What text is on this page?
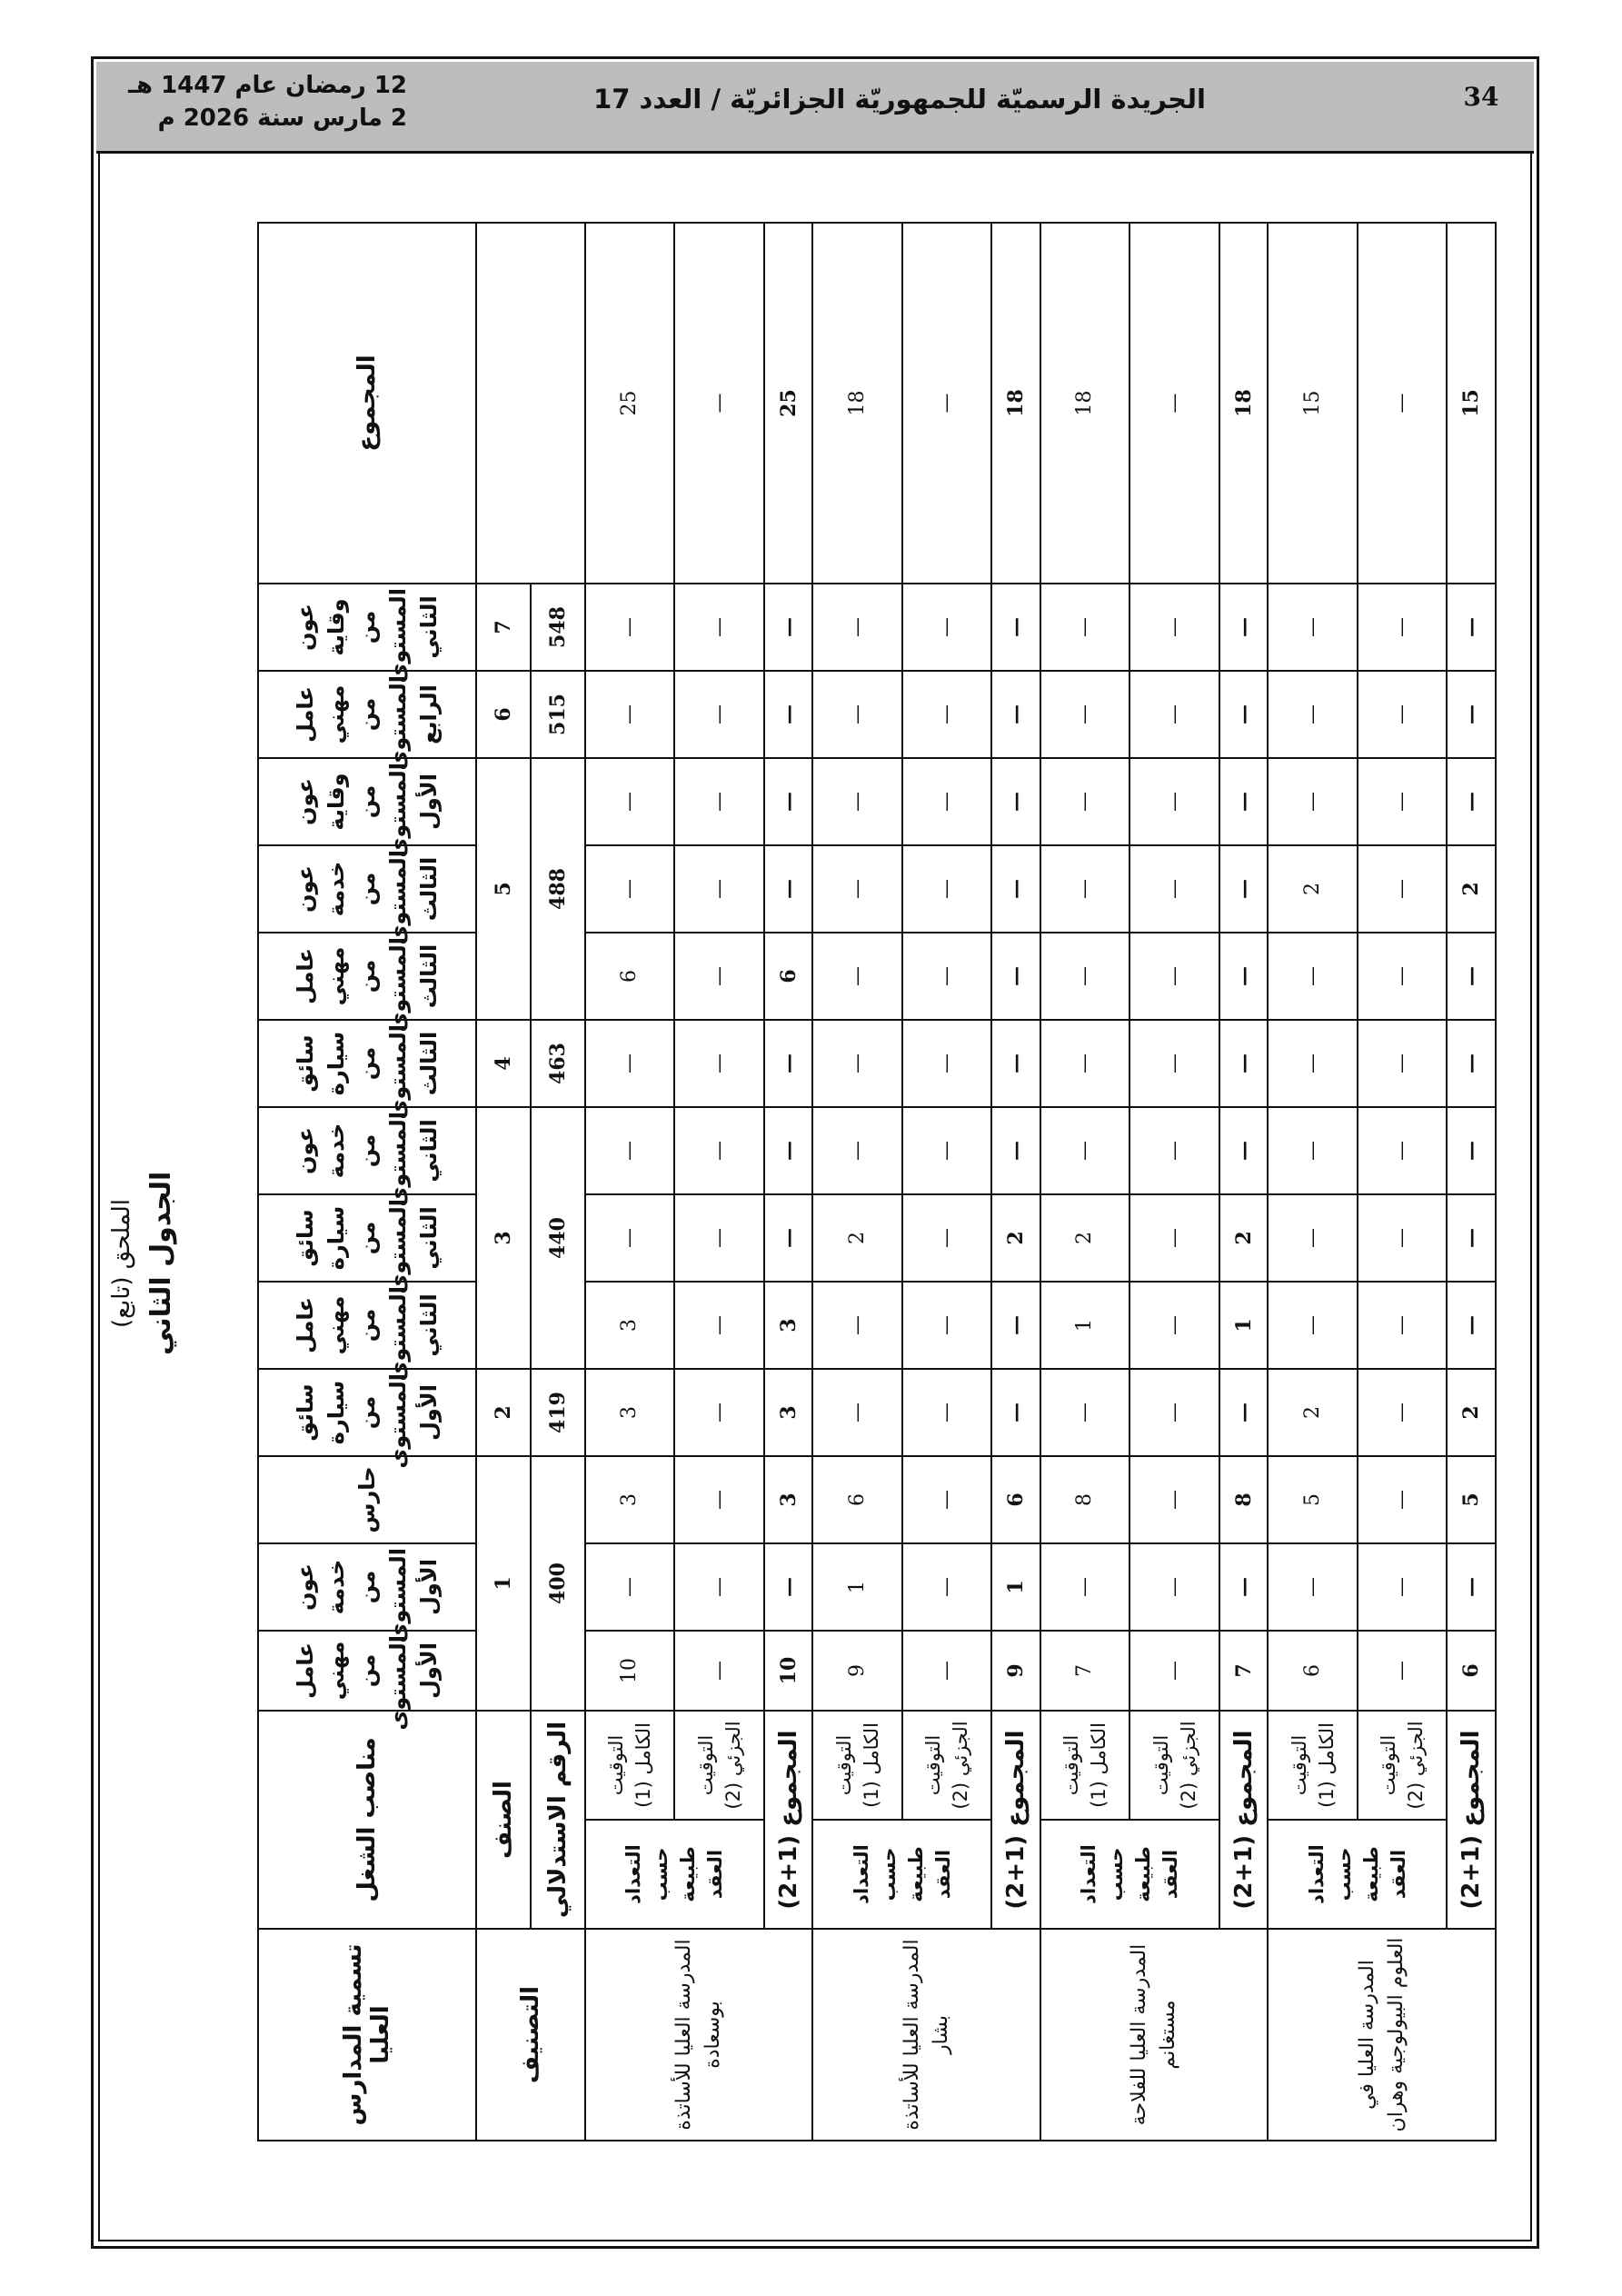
34
الجريدة الرسميّة للجمهوريّة الجزائريّة / العدد 17
12 رمضان عام 1447 هـ
2 مارس سنة 2026 م
الملحق (تابع) الجدول الثاني
تسمية المدارس العليا	مناصب الشغل		عامل مهني من المستوى الأول	عون خدمة من المستوى الأول	حارس	سائق سيارة من المستوى الأول	عامل مهني من المستوى الثاني	سائق سيارة من المستوى الثاني	عون خدمة من المستوى الثاني	سائق سيارة من المستوى الثالث	عامل مهني من المستوى الثالث	عون خدمة من المستوى الثالث	عون وقاية من المستوى الأول	عامل مهني من المستوى الرابع	عون وقاية من المستوى الثاني	المجموع
التصنيف	الصنف		1			2	3			4	5			6	7	
	الرقم الاستدلالي		400			419	440			463	488			515	548	
المدرسة العليا للأساتذة بوسعادة	التعداد حسب طبيعة العقد	التوقيت الكامل (1)	10	—	3	3	3	—	—	—	6	—	—	—	—	25
		التوقيت الجزئي (2)	—	—	—	—	—	—	—	—	—	—	—	—	—	—
	المجموع (1+2)		10	—	3	3	3	—	—	—	6	—	—	—	—	25
المدرسة العليا للأساتذة بشار	التعداد حسب طبيعة العقد	التوقيت الكامل (1)	9	1	6	—	—	2	—	—	—	—	—	—	—	18
		التوقيت الجزئي (2)	—	—	—	—	—	—	—	—	—	—	—	—	—	—
	المجموع (1+2)		9	1	6	—	—	2	—	—	—	—	—	—	—	18
المدرسة العليا للفلاحة مستغانم	التعداد حسب طبيعة العقد	التوقيت الكامل (1)	7	—	8	—	1	2	—	—	—	—	—	—	—	18
		التوقيت الجزئي (2)	—	—	—	—	—	—	—	—	—	—	—	—	—	—
	المجموع (1+2)		7	—	8	—	1	2	—	—	—	—	—	—	—	18
المدرسة العليا في العلوم البيولوجية وهران	التعداد حسب طبيعة العقد	التوقيت الكامل (1)	6	—	5	2	—	—	—	—	—	2	—	—	—	15
		التوقيت الجزئي (2)	—	—	—	—	—	—	—	—	—	—	—	—	—	—
	المجموع (1+2)		6	—	5	2	—	—	—	—	—	2	—	—	—	15
